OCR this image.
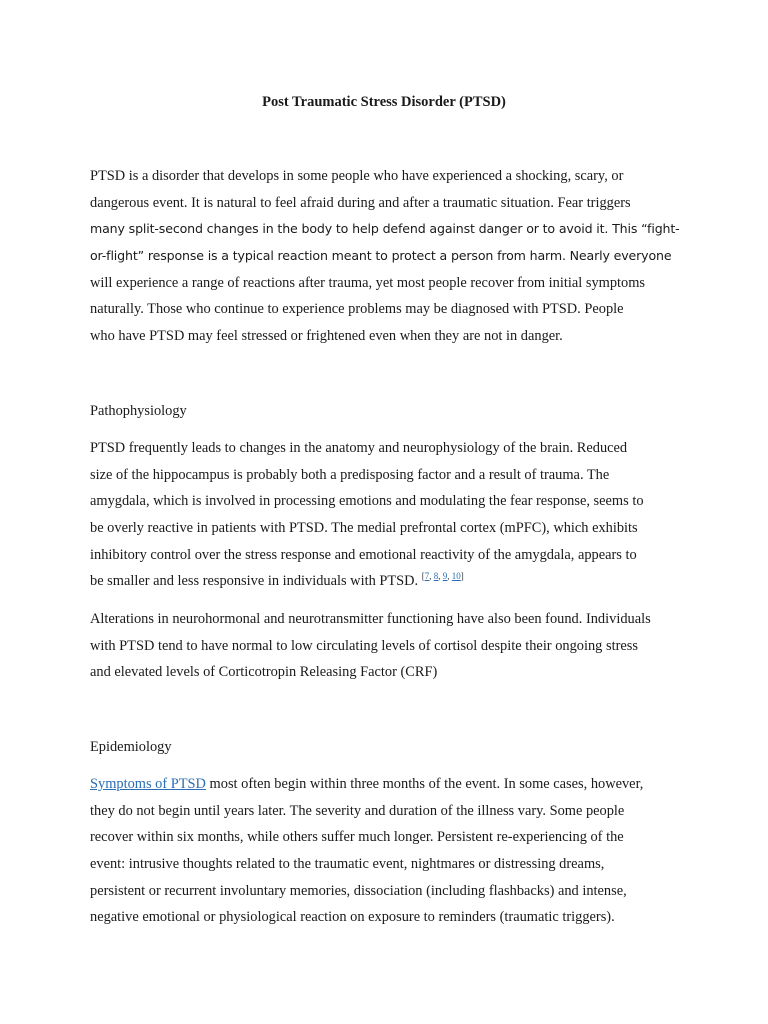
Post Traumatic Stress Disorder (PTSD)
PTSD is a disorder that develops in some people who have experienced a shocking, scary, or
dangerous event. It is natural to feel afraid during and after a traumatic situation. Fear triggers
many split-second changes in the body to help defend against danger or to avoid it. This “fight-
or-flight” response is a typical reaction meant to protect a person from harm. Nearly everyone
will experience a range of reactions after trauma, yet most people recover from initial symptoms
naturally. Those who continue to experience problems may be diagnosed with PTSD. People
who have PTSD may feel stressed or frightened even when they are not in danger.
Pathophysiology
PTSD frequently leads to changes in the anatomy and neurophysiology of the brain. Reduced
size of the hippocampus is probably both a predisposing factor and a result of trauma. The
amygdala, which is involved in processing emotions and modulating the fear response, seems to
be overly reactive in patients with PTSD. The medial prefrontal cortex (mPFC), which exhibits
inhibitory control over the stress response and emotional reactivity of the amygdala, appears to
be smaller and less responsive in individuals with PTSD. [7, 8, 9, 10]
Alterations in neurohormonal and neurotransmitter functioning have also been found. Individuals
with PTSD tend to have normal to low circulating levels of cortisol despite their ongoing stress
and elevated levels of Corticotropin Releasing Factor (CRF)
Epidemiology
Symptoms of PTSD most often begin within three months of the event. In some cases, however,
they do not begin until years later. The severity and duration of the illness vary. Some people
recover within six months, while others suffer much longer. Persistent re-experiencing of the
event: intrusive thoughts related to the traumatic event, nightmares or distressing dreams,
persistent or recurrent involuntary memories, dissociation (including flashbacks) and intense,
negative emotional or physiological reaction on exposure to reminders (traumatic triggers).
